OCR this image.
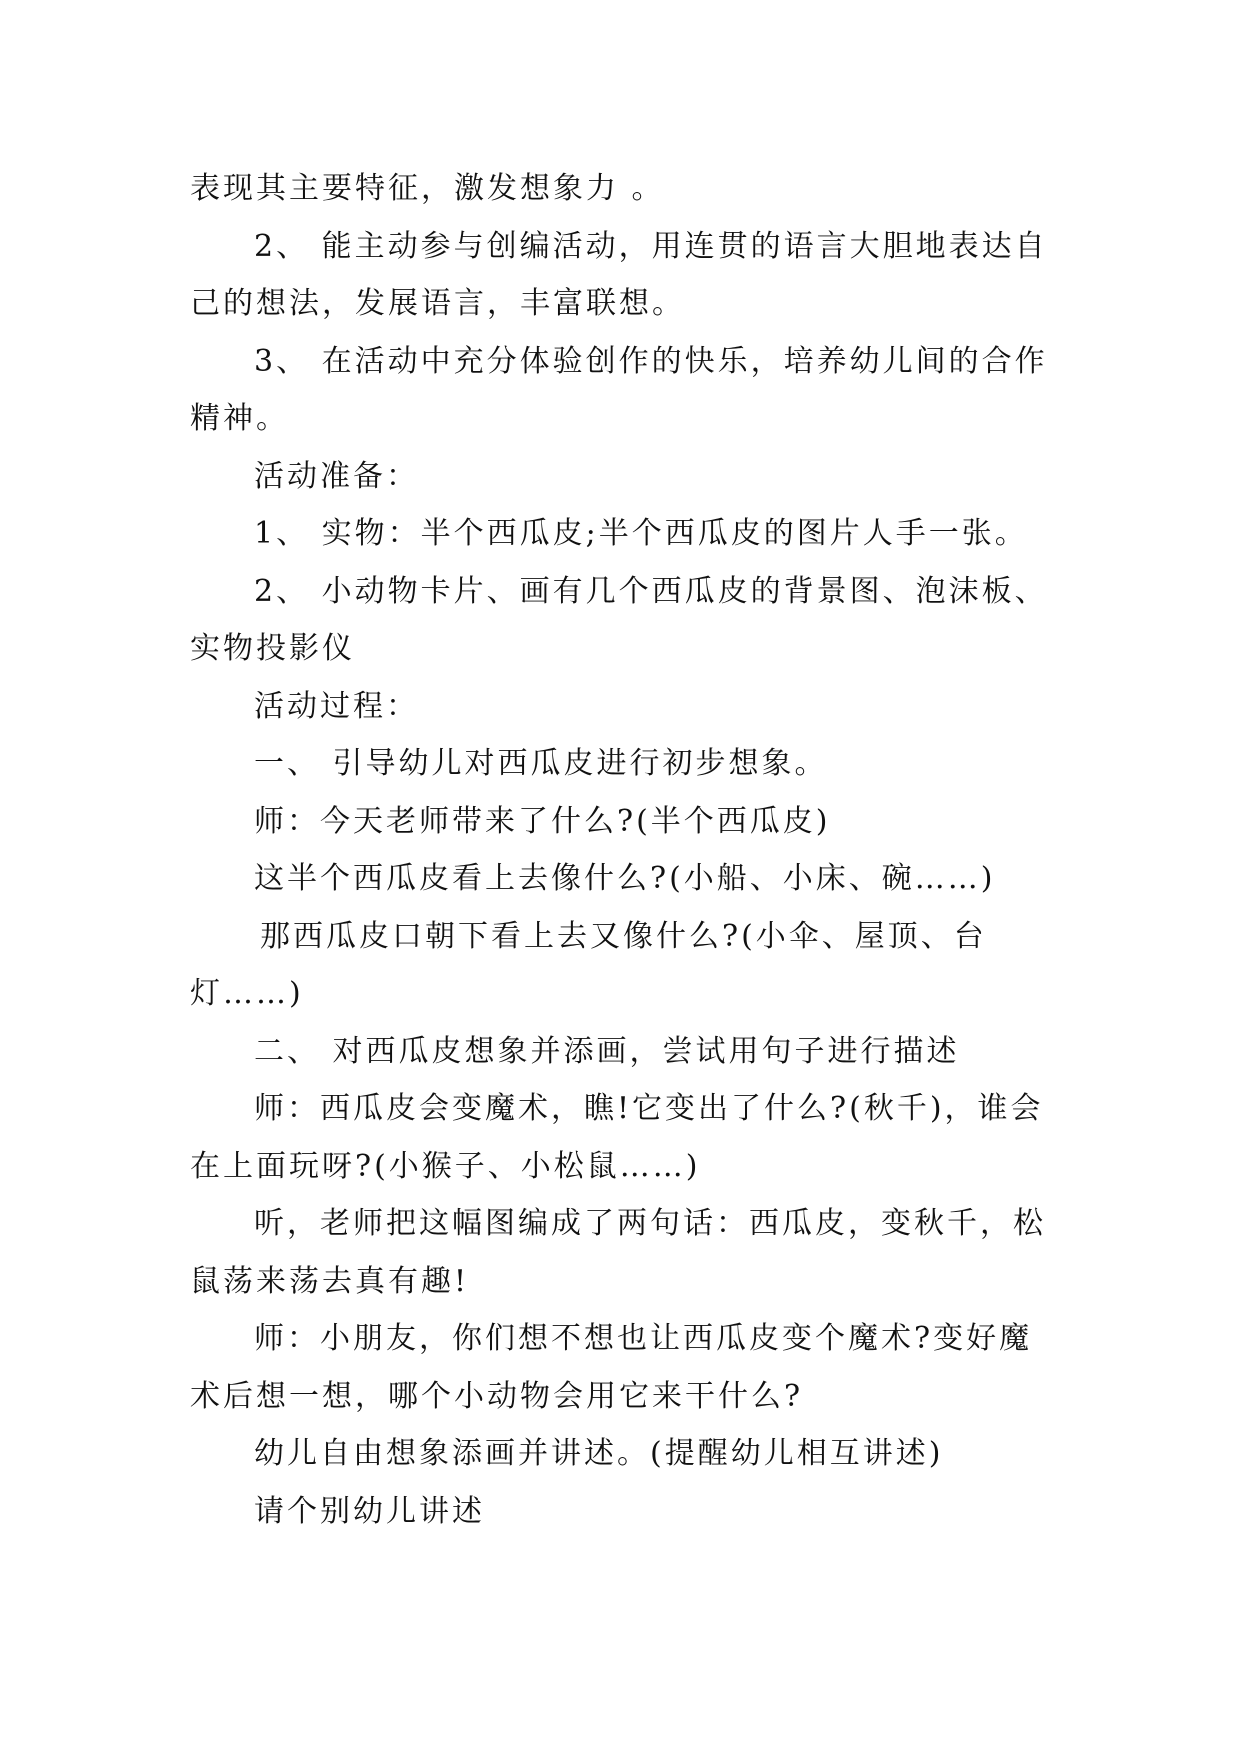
表现其主要特征，激发想象力 。
2、 能主动参与创编活动，用连贯的语言大胆地表达自
己的想法，发展语言，丰富联想。
3、 在活动中充分体验创作的快乐，培养幼儿间的合作
精神。
活动准备：
1、 实物：半个西瓜皮;半个西瓜皮的图片人手一张。
2、 小动物卡片、画有几个西瓜皮的背景图、泡沫板、
实物投影仪
活动过程：
一、 引导幼儿对西瓜皮进行初步想象。
师：今天老师带来了什么?(半个西瓜皮)
这半个西瓜皮看上去像什么?(小船、小床、碗……)
那西瓜皮口朝下看上去又像什么?(小伞、屋顶、台
灯……)
二、 对西瓜皮想象并添画，尝试用句子进行描述
师：西瓜皮会变魔术，瞧!它变出了什么?(秋千)，谁会
在上面玩呀?(小猴子、小松鼠……)
听，老师把这幅图编成了两句话：西瓜皮，变秋千，松
鼠荡来荡去真有趣!
师：小朋友，你们想不想也让西瓜皮变个魔术?变好魔
术后想一想，哪个小动物会用它来干什么?
幼儿自由想象添画并讲述。(提醒幼儿相互讲述)
请个别幼儿讲述
